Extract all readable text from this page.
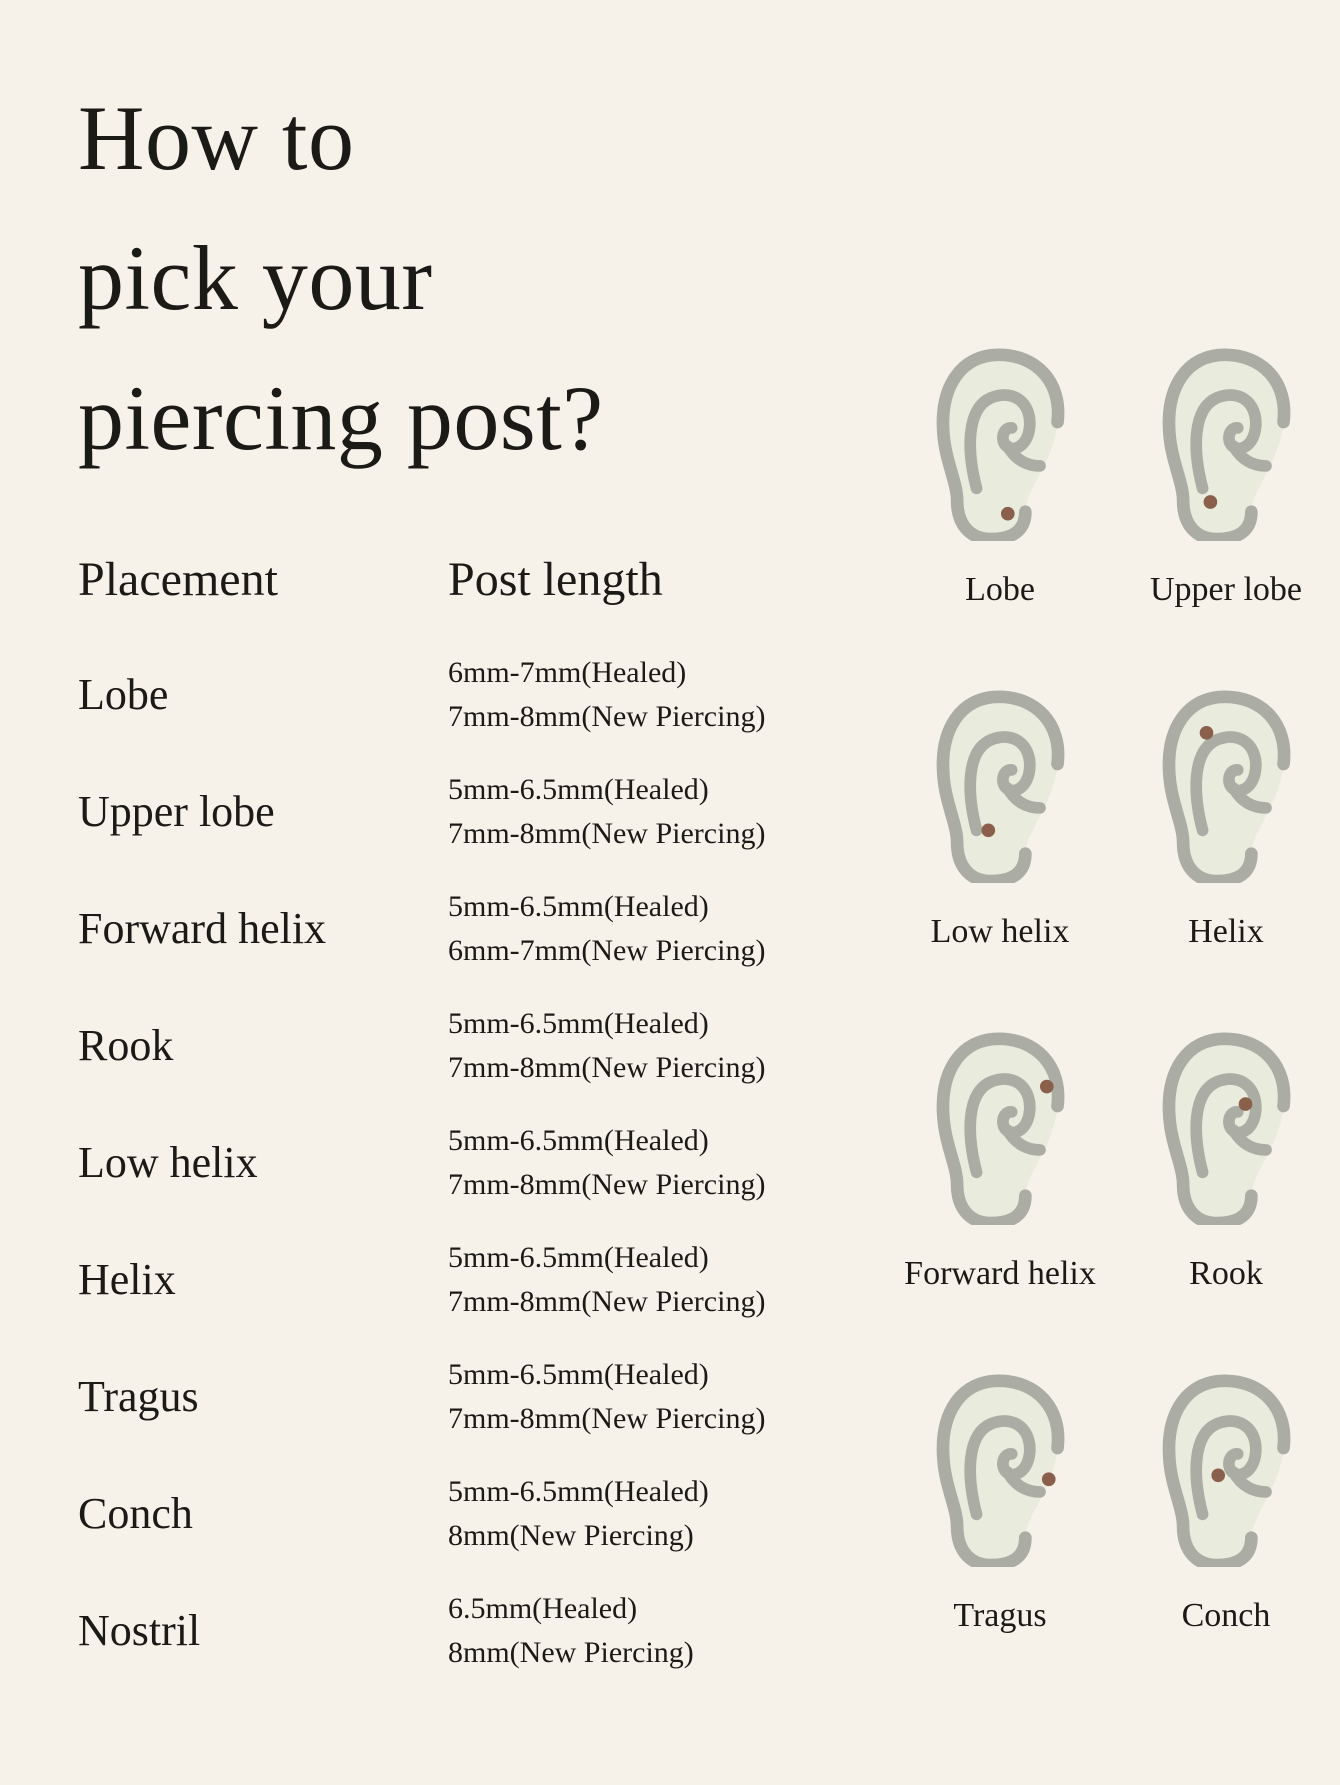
How to
pick your
piercing post?
Placement	Post length
Lobe	6mm-7mm(Healed)
7mm-8mm(New Piercing)
Upper lobe	5mm-6.5mm(Healed)
7mm-8mm(New Piercing)
Forward helix	5mm-6.5mm(Healed)
6mm-7mm(New Piercing)
Rook	5mm-6.5mm(Healed)
7mm-8mm(New Piercing)
Low helix	5mm-6.5mm(Healed)
7mm-8mm(New Piercing)
Helix	5mm-6.5mm(Healed)
7mm-8mm(New Piercing)
Tragus	5mm-6.5mm(Healed)
7mm-8mm(New Piercing)
Conch	5mm-6.5mm(Healed)
8mm(New Piercing)
Nostril	6.5mm(Healed)
8mm(New Piercing)
Lobe	Upper lobe
Low helix	Helix
Forward helix	Rook
Tragus	Conch
